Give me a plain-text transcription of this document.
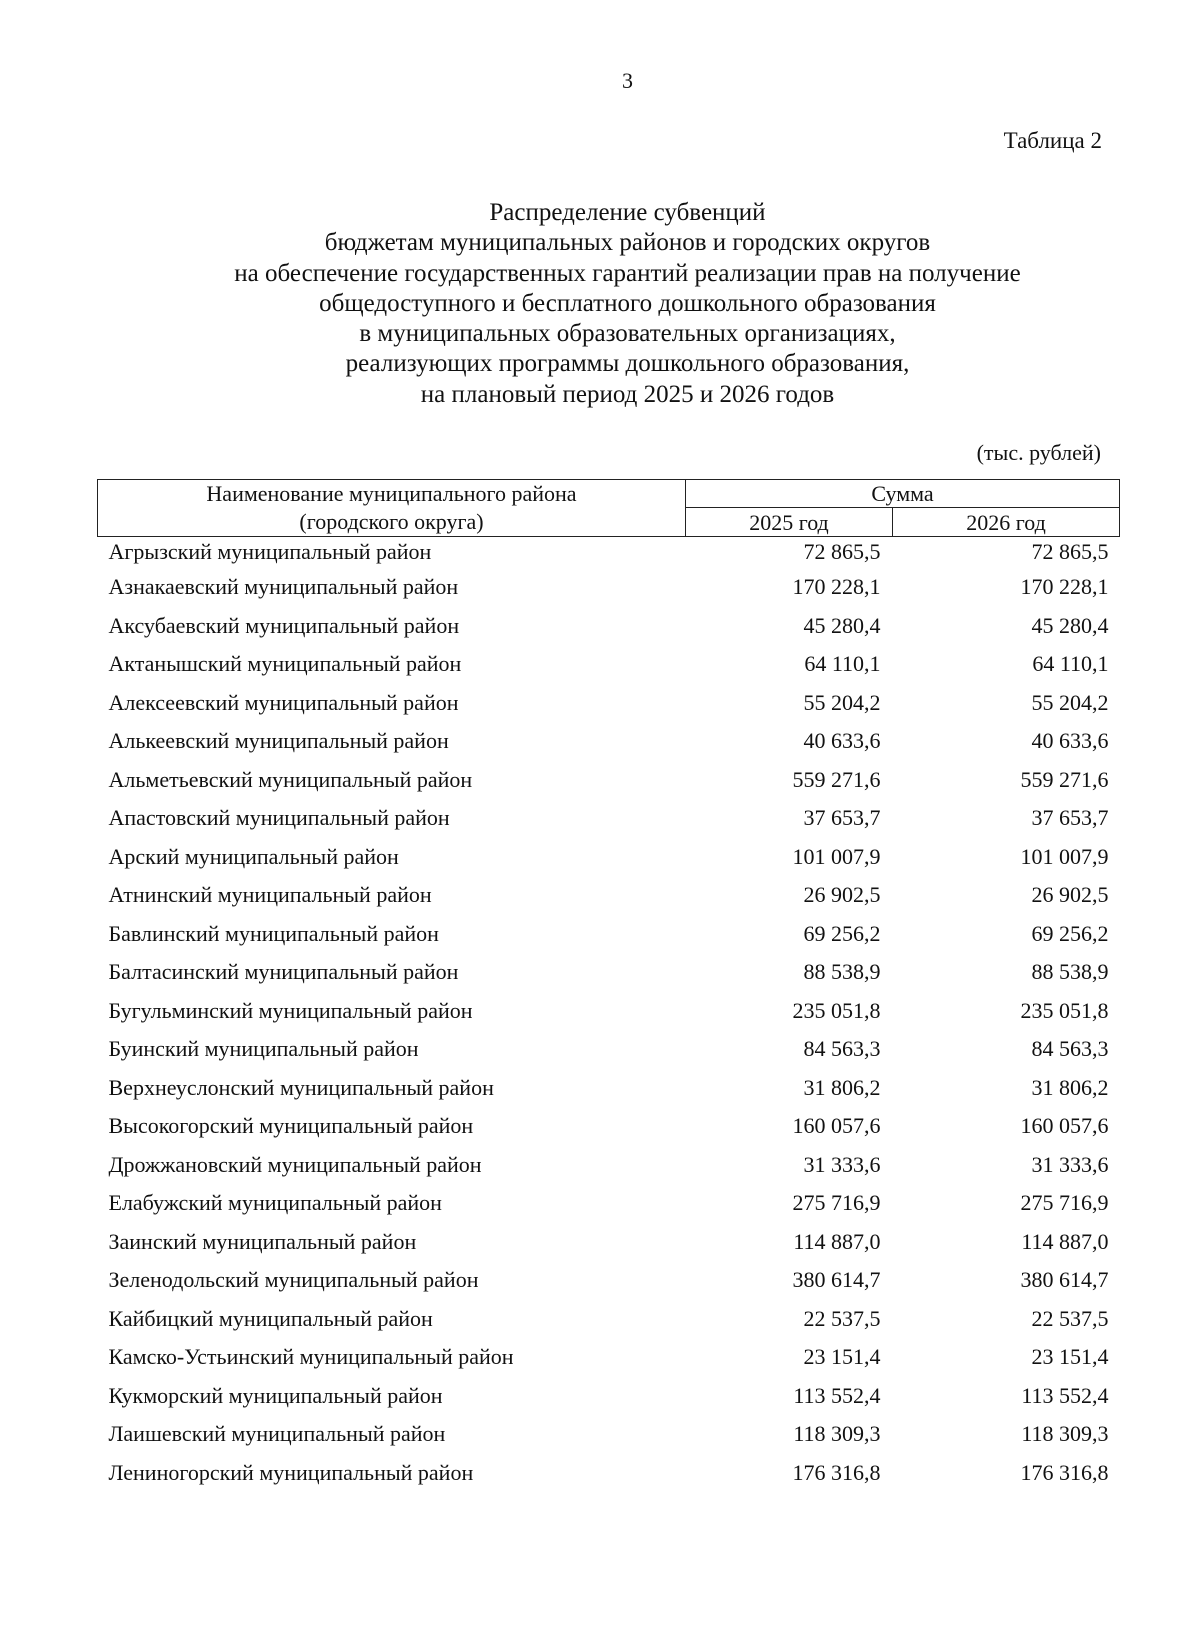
3
Таблица 2
Распределение субвенций
бюджетам муниципальных районов и городских округов
на обеспечение государственных гарантий реализации прав на получение
общедоступного и бесплатного дошкольного образования
в муниципальных образовательных организациях,
реализующих программы дошкольного образования,
на плановый период 2025 и 2026 годов
(тыс. рублей)
Наименование муниципального района
(городского округа)	Сумма	
	2025 год	2026 год
Агрызский муниципальный район	72 865,5	72 865,5
Азнакаевский муниципальный район	170 228,1	170 228,1
Аксубаевский муниципальный район	45 280,4	45 280,4
Актанышский муниципальный район	64 110,1	64 110,1
Алексеевский муниципальный район	55 204,2	55 204,2
Алькеевский муниципальный район	40 633,6	40 633,6
Альметьевский муниципальный район	559 271,6	559 271,6
Апастовский муниципальный район	37 653,7	37 653,7
Арский муниципальный район	101 007,9	101 007,9
Атнинский муниципальный район	26 902,5	26 902,5
Бавлинский муниципальный район	69 256,2	69 256,2
Балтасинский муниципальный район	88 538,9	88 538,9
Бугульминский муниципальный район	235 051,8	235 051,8
Буинский муниципальный район	84 563,3	84 563,3
Верхнеуслонский муниципальный район	31 806,2	31 806,2
Высокогорский муниципальный район	160 057,6	160 057,6
Дрожжановский муниципальный район	31 333,6	31 333,6
Елабужский муниципальный район	275 716,9	275 716,9
Заинский муниципальный район	114 887,0	114 887,0
Зеленодольский муниципальный район	380 614,7	380 614,7
Кайбицкий муниципальный район	22 537,5	22 537,5
Камско-Устьинский муниципальный район	23 151,4	23 151,4
Кукморский муниципальный район	113 552,4	113 552,4
Лаишевский муниципальный район	118 309,3	118 309,3
Лениногорский муниципальный район	176 316,8	176 316,8
